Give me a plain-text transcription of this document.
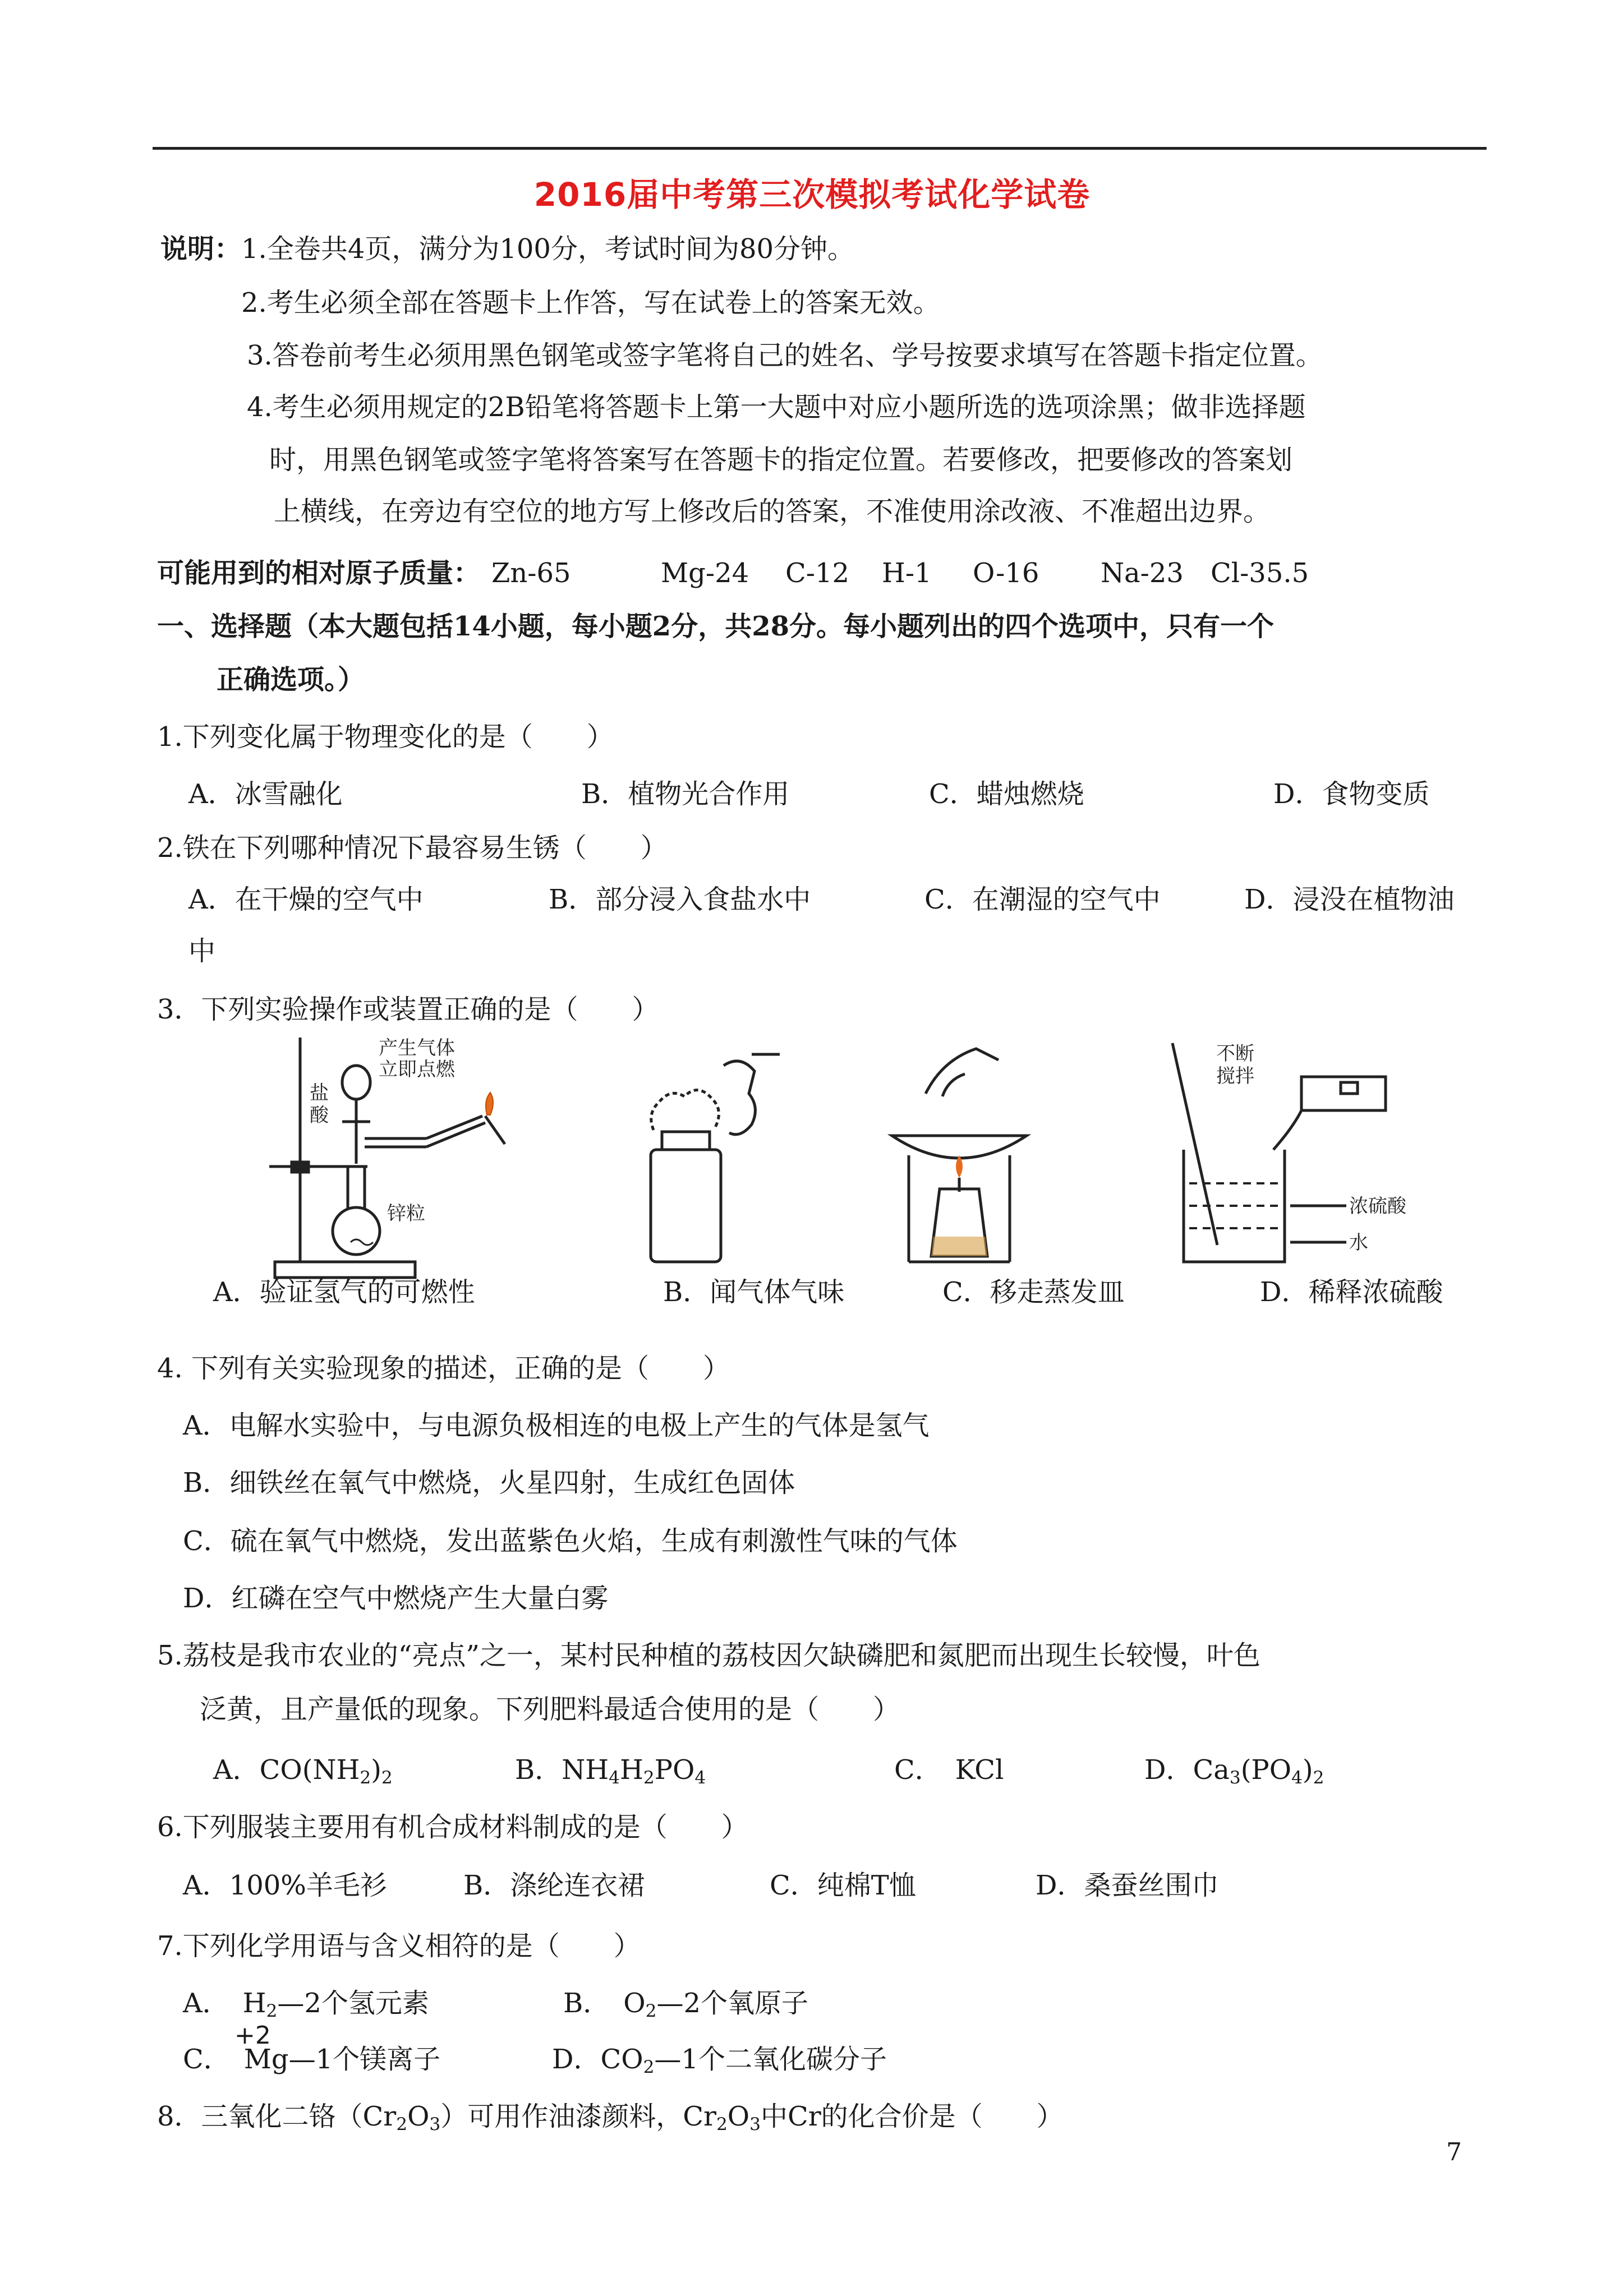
2016届中考第三次模拟考试化学试卷
说明：1.全卷共4页，满分为100分，考试时间为80分钟。
2.考生必须全部在答题卡上作答，写在试卷上的答案无效。
3.答卷前考生必须用黑色钢笔或签字笔将自己的姓名、学号按要求填写在答题卡指定位置。
4.考生必须用规定的2B铅笔将答题卡上第一大题中对应小题所选的选项涂黑；做非选择题
时，用黑色钢笔或签字笔将答案写在答题卡的指定位置。若要修改，把要修改的答案划
上横线，在旁边有空位的地方写上修改后的答案，不准使用涂改液、不准超出边界。
可能用到的相对原子质量： Zn-65	Mg-24 C-12 H-1 O-16 Na-23 Cl-35.5
一、选择题（本大题包括14小题，每小题2分，共28分。每小题列出的四个选项中，只有一个
正确选项。）
1.下列变化属于物理变化的是（　　）
A．冰雪融化	B．植物光合作用	C．蜡烛燃烧	D．食物变质
2.铁在下列哪种情况下最容易生锈（　　）
A．在干燥的空气中	B．部分浸入食盐水中	C．在潮湿的空气中	D．浸没在植物油
中
3．下列实验操作或装置正确的是（　　）
盐
酸
产生气体
立即点燃
锌粒
不断
搅拌
浓硫酸
水
A．验证氢气的可燃性	B．闻气体气味	C．移走蒸发皿	D．稀释浓硫酸
4. 下列有关实验现象的描述，正确的是（　　）
A．电解水实验中，与电源负极相连的电极上产生的气体是氢气
B．细铁丝在氧气中燃烧，火星四射，生成红色固体
C．硫在氧气中燃烧，发出蓝紫色火焰，生成有刺激性气味的气体
D．红磷在空气中燃烧产生大量白雾
5.荔枝是我市农业的“亮点”之一，某村民种植的荔枝因欠缺磷肥和氮肥而出现生长较慢，叶色
泛黄，且产量低的现象。下列肥料最适合使用的是（　　）
A．$CO(NH_2)_2$	B．$NH_4H_2PO_4$	C．　KCl	D．$Ca_3(PO_4)_2$
6.下列服装主要用有机合成材料制成的是（　　）
A．100%羊毛衫	B．涤纶连衣裙	C．纯棉T恤	D．桑蚕丝围巾
7.下列化学用语与含义相符的是（　　）
A．　$H_2—2$个氢元素	B．　$O_2—2$个氧原子
+2
C．　Mg—1个镁离子	D．$CO_2—1$个二氧化碳分子
8．三氧化二铬$(Cr_2O_3)$可用作油漆颜料，$Cr_2O_3$中Cr的化合价是（　　）
7
